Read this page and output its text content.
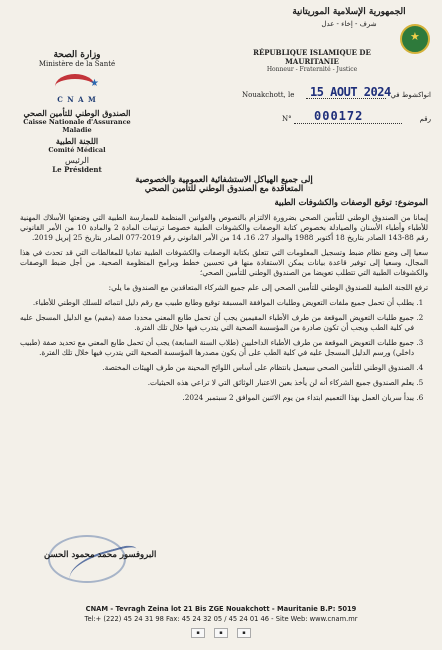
الجمهورية الإسلامية الموريتانية
شرف - إخاء - عدل
★
RÉPUBLIQUE ISLAMIQUE DE MAURITANIE
Honneur - Fraternité - Justice
وزارة الصحة
Ministère de la Santé
★
C N A M
الصندوق الوطني للتأمين الصحي
Caisse Nationale d'Assurance Maladie
اللجنة الطبية
Comité Médical
الرئيس
Le Président
Nouakchott, le 15 AOUT 2024 انواكشوط في
N° 000172	رقم
إلى جميع الهياكل الاستشفائية العمومية والخصوصية
المتعاقدة مع الصندوق الوطني للتأمين الصحي
الموضوع: توقيع الوصفات والكشوفات الطبية

إيمانا من الصندوق الوطني للتأمين الصحي بضرورة الالتزام بالنصوص والقوانين المنظمة للممارسة الطبية التي وضعتها الأسلاك المهنية للأطباء وأطباء الأسنان والصيادلة بخصوص كتابة الوصفات والكشوفات الطبية خصوصا ترتيبات المادة 2 والمادة 10 من الأمر القانوني رقم 88-143 الصادر بتاريخ 18 أكتوبر 1988 والمواد 27، 16، 14 من الأمر القانوني رقم 2019-077 الصادر بتاريخ 25 إبريل 2019.

سعيا إلى وضع نظام ضبط وتسجيل المعلومات التي تتعلق بكتابة الوصفات والكشوفات الطبية تفاديا للمغالطات التي قد تحدث في هذا المجال، وسعيا إلى توفير قاعدة بيانات يمكن الاستفادة منها في تحسين خطط وبرامج المنظومة الصحية. من أجل ضبط الوصفات والكشوفات الطبية التي تتطلب تعويضا من الصندوق الوطني للتأمين الصحي؛

ترفع اللجنة الطبية للصندوق الوطني للتأمين الصحي إلى علم جميع الشركاء المتعاقدين مع الصندوق ما يلي:

1. يطلب أن تحمل جميع ملفات التعويض وطلبات الموافقة المسبقة توقيع وطابع طبيب مع رقم دليل انتمائه للسلك الوطني للأطباء.
2. جميع طلبات التعويض الموقعة من طرف الأطباء المقيمين يجب أن تحمل طابع المعني محددا صفة (مقيم) مع الدليل المسجل عليه في كلية الطب ويجب أن تكون صادرة من المؤسسة الصحية التي يتدرب فيها خلال تلك الفترة.
3. جميع طلبات التعويض الموقعة من طرف الأطباء الداخليين (طلاب السنة السابعة) يجب أن تحمل طابع المعني مع تحديد صفة (طبيب داخلي) ورسم الدليل المسجل عليه في كلية الطب على أن يكون مصدرها المؤسسة الصحية التي يتدرب فيها خلال تلك الفترة.
4. الصندوق الوطني للتأمين الصحي سيعمل بانتظام على أساس اللوائح المحينة من طرف الهيئات المختصة.
5. يعلم الصندوق جميع الشركاء أنه لن يأخذ بعين الاعتبار الوثائق التي لا تراعي هذه الحيثيات.
6. يبدأ سريان العمل بهذا التعميم ابتداء من يوم الاثنين الموافق 2 سبتمبر 2024.
البروفسور محمد محمود الحسن
CNAM - Tevragh Zeina lot 21 Bis ZGE Nouakchott - Mauritanie B.P: 5019
Tel:+ (222) 45 24 31 98 Fax: 45 24 32 05 / 45 24 01 46 - Site Web: www.cnam.mr
▪	▪	▪
